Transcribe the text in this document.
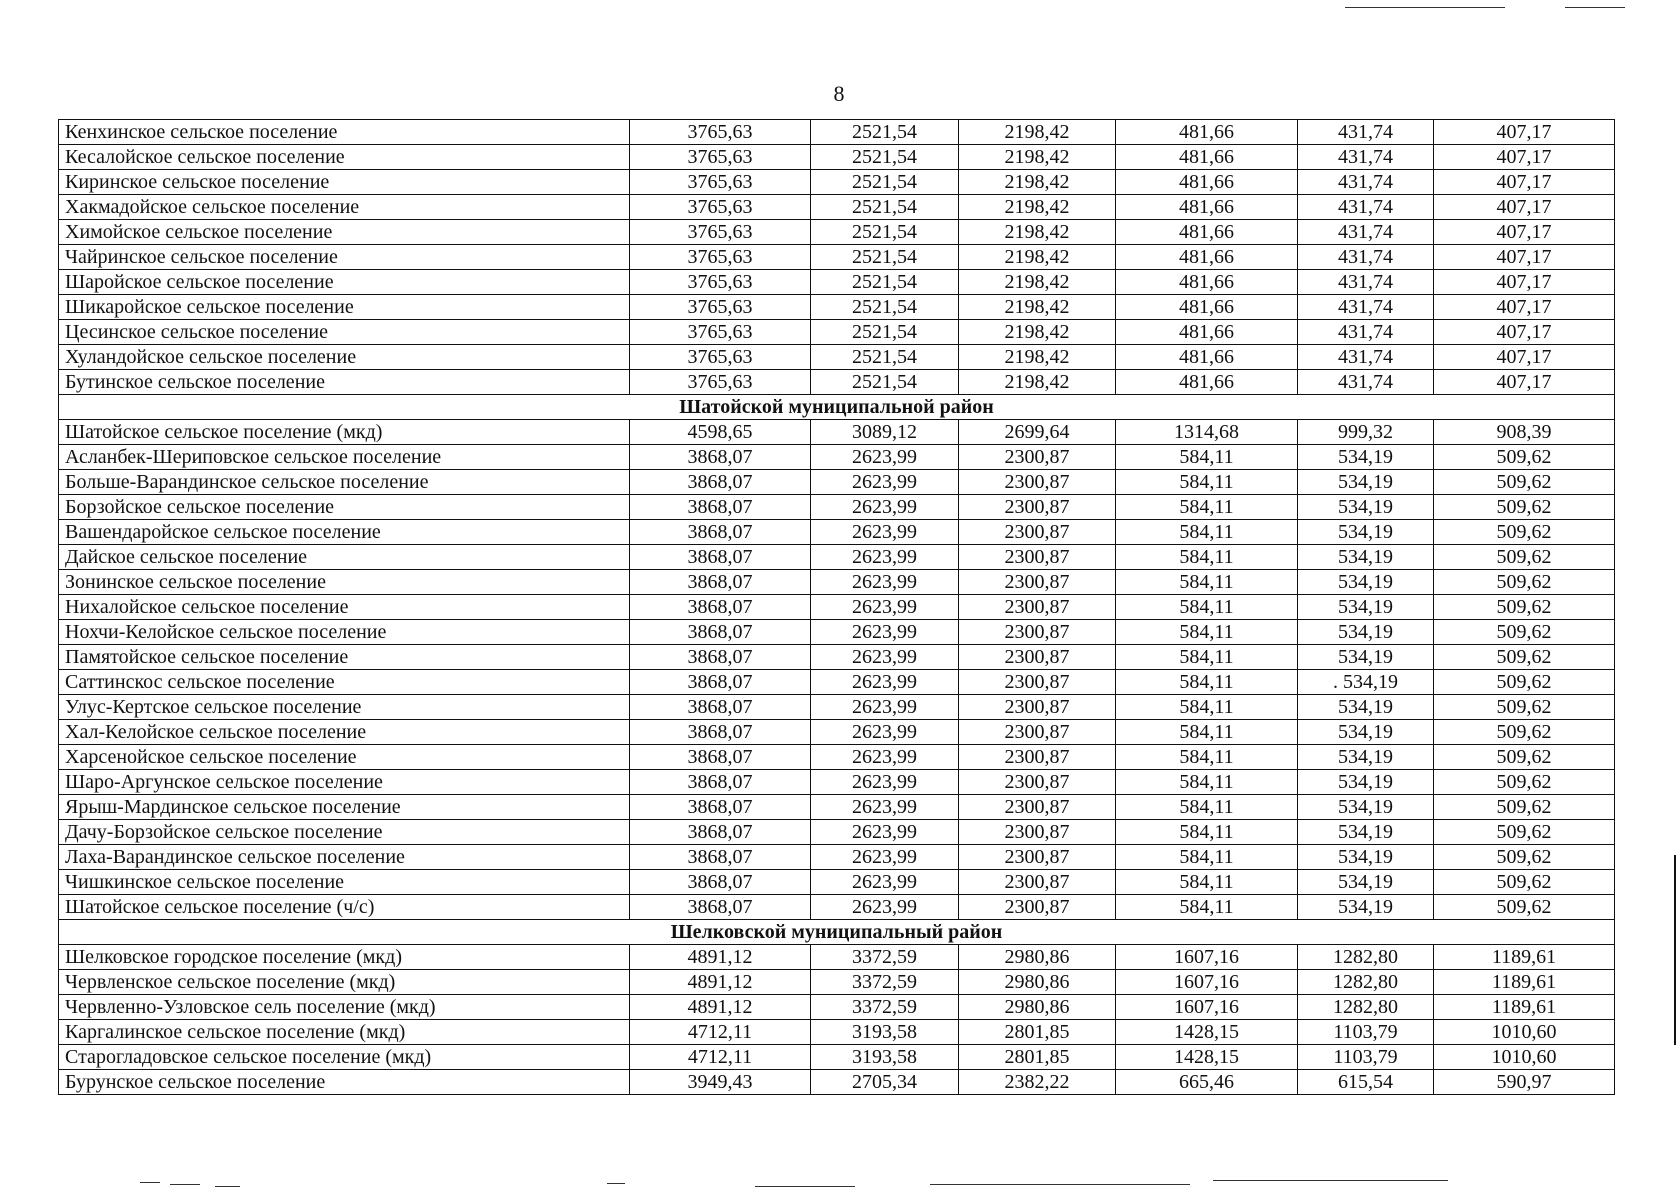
8
Кенхинское сельское поселение	3765,63	2521,54	2198,42	481,66	431,74	407,17
Кесалойское сельское поселение	3765,63	2521,54	2198,42	481,66	431,74	407,17
Киринское сельское поселение	3765,63	2521,54	2198,42	481,66	431,74	407,17
Хакмадойское сельское поселение	3765,63	2521,54	2198,42	481,66	431,74	407,17
Химойское сельское поселение	3765,63	2521,54	2198,42	481,66	431,74	407,17
Чайринское сельское поселение	3765,63	2521,54	2198,42	481,66	431,74	407,17
Шаройское сельское поселение	3765,63	2521,54	2198,42	481,66	431,74	407,17
Шикаройское сельское поселение	3765,63	2521,54	2198,42	481,66	431,74	407,17
Цесинское сельское поселение	3765,63	2521,54	2198,42	481,66	431,74	407,17
Хуландойское сельское поселение	3765,63	2521,54	2198,42	481,66	431,74	407,17
Бутинское сельское поселение	3765,63	2521,54	2198,42	481,66	431,74	407,17
Шатойской муниципальной район						
Шатойское сельское поселение (мкд)	4598,65	3089,12	2699,64	1314,68	999,32	908,39
Асланбек-Шериповское сельское поселение	3868,07	2623,99	2300,87	584,11	534,19	509,62
Больше-Варандинское сельское поселение	3868,07	2623,99	2300,87	584,11	534,19	509,62
Борзойское сельское поселение	3868,07	2623,99	2300,87	584,11	534,19	509,62
Вашендаройское сельское поселение	3868,07	2623,99	2300,87	584,11	534,19	509,62
Дайское сельское поселение	3868,07	2623,99	2300,87	584,11	534,19	509,62
Зонинское сельское поселение	3868,07	2623,99	2300,87	584,11	534,19	509,62
Нихалойское сельское поселение	3868,07	2623,99	2300,87	584,11	534,19	509,62
Нохчи-Келойское сельское поселение	3868,07	2623,99	2300,87	584,11	534,19	509,62
Памятойское сельское поселение	3868,07	2623,99	2300,87	584,11	534,19	509,62
Саттинскос сельское поселение	3868,07	2623,99	2300,87	584,11	. 534,19	509,62
Улус-Кертское сельское поселение	3868,07	2623,99	2300,87	584,11	534,19	509,62
Хал-Келойское сельское поселение	3868,07	2623,99	2300,87	584,11	534,19	509,62
Харсенойское сельское поселение	3868,07	2623,99	2300,87	584,11	534,19	509,62
Шаро-Аргунское сельское поселение	3868,07	2623,99	2300,87	584,11	534,19	509,62
Ярыш-Мардинское сельское поселение	3868,07	2623,99	2300,87	584,11	534,19	509,62
Дачу-Борзойское сельское поселение	3868,07	2623,99	2300,87	584,11	534,19	509,62
Лаха-Варандинское сельское поселение	3868,07	2623,99	2300,87	584,11	534,19	509,62
Чишкинское сельское поселение	3868,07	2623,99	2300,87	584,11	534,19	509,62
Шатойское сельское поселение (ч/с)	3868,07	2623,99	2300,87	584,11	534,19	509,62
Шелковской муниципальный район						
Шелковское городское поселение (мкд)	4891,12	3372,59	2980,86	1607,16	1282,80	1189,61
Червленское сельское поселение (мкд)	4891,12	3372,59	2980,86	1607,16	1282,80	1189,61
Червленно-Узловское сель поселение (мкд)	4891,12	3372,59	2980,86	1607,16	1282,80	1189,61
Каргалинское сельское поселение (мкд)	4712,11	3193,58	2801,85	1428,15	1103,79	1010,60
Старогладовское сельское поселение (мкд)	4712,11	3193,58	2801,85	1428,15	1103,79	1010,60
Бурунское сельское поселение	3949,43	2705,34	2382,22	665,46	615,54	590,97
